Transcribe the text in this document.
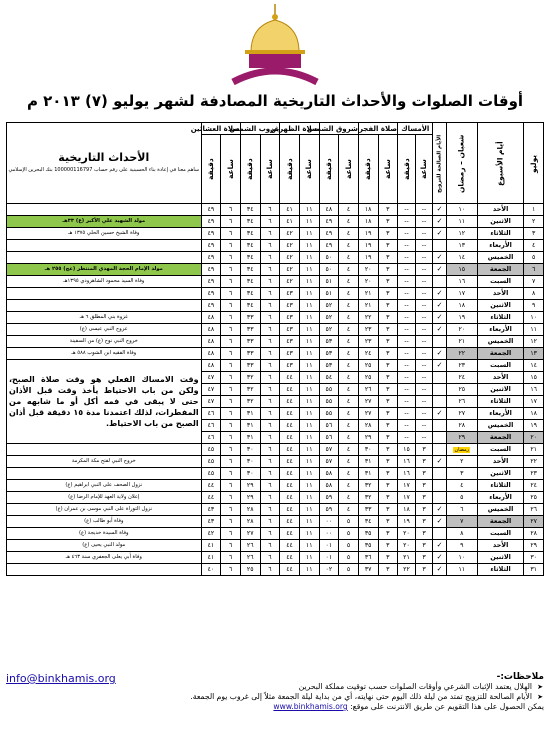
أوقات الصلوات والأحداث التاريخية المصادفة لشهر يوليو (٧) ٢٠١٣ م
يوليو	أيام الأسبوع	شعبان – رمضان	الأيام الصالحة للتزويج	الأمساك		صلاة الفجر		شروق الشمس		صلاة الظهرين		غروب الشمس		صلاة العشائين		الأحداث التاريخية
ساهم معنا في إعادة بناء الحسينية على رقم حساب 100000116797 بنك البحرين الإسلامي

				ساعة	دقيقة	ساعة	دقيقة	ساعة	دقيقة	ساعة	دقيقة	ساعة	دقيقة	ساعة	دقيقة	
١	الأحد	١٠	✓	--	--	٣	١٨	٤	٤٨	١١	٤١	٦	٣٤	٦	٤٩	
٢	الاثنين	١١	✓	--	--	٣	١٨	٤	٤٩	١١	٤١	٦	٣٤	٦	٤٩	مولد الشهيد علي الأكبر (ع) ٣٣هـ
٣	الثلاثاء	١٢	✓	--	--	٣	١٩	٤	٤٩	١١	٤٢	٦	٣٤	٦	٤٩	وفاة الشيخ حسين الحلي ١٣٧٥ هـ
٤	الأربعاء	١٣		--	--	٣	١٩	٤	٤٩	١١	٤٢	٦	٣٤	٦	٤٩	
٥	الخميس	١٤	✓	--	--	٣	١٩	٤	٥٠	١١	٤٢	٦	٣٤	٦	٤٩	
٦	الجمعة	١٥	✓	--	--	٣	٢٠	٤	٥٠	١١	٤٢	٦	٣٤	٦	٤٩	مولد الإمام الحجة المهدي المنتظر (عج) ٢٥٥ هـ
٧	السبت	١٦		--	--	٣	٢٠	٤	٥١	١١	٤٢	٦	٣٤	٦	٤٩	وفاة السيد محمود الشاهرودي ١٣٩٥هـ
٨	الأحد	١٧	✓	--	--	٣	٢١	٤	٥١	١١	٤٣	٦	٣٤	٦	٤٩	
٩	الاثنين	١٨	✓	--	--	٣	٢١	٤	٥٢	١١	٤٣	٦	٣٤	٦	٤٩	
١٠	الثلاثاء	١٩	✓	--	--	٣	٢٢	٤	٥٢	١١	٤٣	٦	٣٣	٦	٤٨	غزوة بني المطلق ٦ هـ
١١	الأربعاء	٢٠	✓	--	--	٣	٢٣	٤	٥٢	١١	٤٣	٦	٣٣	٦	٤٨	عروج النبي عيسى (ع)
١٢	الخميس	٢١		--	--	٣	٢٣	٤	٥٣	١١	٤٣	٦	٣٣	٦	٤٨	خروج النبي نوح (ع) من السفينة
١٣	الجمعة	٢٢	✓	--	--	٣	٢٤	٤	٥٣	١١	٤٣	٦	٣٣	٦	٤٨	وفاة الفقيه ابن الشوب ٥٨٨ هـ
١٤	السبت	٢٣	✓	--	--	٣	٢٥	٤	٥٣	١١	٤٣	٦	٣٣	٦	٤٨	وقت الامساك الفعلي هو وقت صلاة الصبح، ولكن من باب الاحتياط يأخذ وقت قبل الأذان حتى لا يبقى في فمه أكل أو ما شابهه من المفطرات، لذلك اعتمدنا مدة ١٥ دقيقة قبل أذان الصبح من باب الاحتياط.
١٥	الأحد	٢٤		--	--	٣	٢٥	٤	٥٤	١١	٤٤	٦	٣٢	٦	٤٧	
١٦	الاثنين	٢٥		--	--	٣	٢٦	٤	٥٥	١١	٤٤	٦	٣٢	٦	٤٧	
١٧	الثلاثاء	٢٦		--	--	٣	٢٧	٤	٥٥	١١	٤٤	٦	٣٢	٦	٤٧	
١٨	الأربعاء	٢٧	✓	--	--	٣	٢٧	٤	٥٥	١١	٤٤	٦	٣١	٦	٤٦	
١٩	الخميس	٢٨		--	--	٣	٢٨	٤	٥٦	١١	٤٤	٦	٣١	٦	٤٦	
٢٠	الجمعة	٢٩		--	--	٣	٢٩	٤	٥٦	١١	٤٤	٦	٣١	٦	٤٦	
٢١	السبت	رمضان		٣	١٥	٣	٣٠	٤	٥٧	١١	٤٤	٦	٣٠	٦	٤٥	
٢٢	الأحد	٢	✓	٣	١٦	٣	٣١	٤	٥٧	١١	٤٤	٦	٣٠	٦	٤٥	خروج النبي لفتح مكة المكرمة
٢٣	الاثنين	٣		٣	١٦	٣	٣١	٤	٥٨	١١	٤٤	٦	٣٠	٦	٤٥	
٢٤	الثلاثاء	٤		٣	١٧	٣	٣٢	٤	٥٨	١١	٤٤	٦	٢٩	٦	٤٤	نزول الصحف على النبي ابراهيم (ع)
٢٥	الأربعاء	٥		٣	١٧	٣	٣٢	٤	٥٩	١١	٤٤	٦	٢٩	٦	٤٤	إعلان ولاية العهد للإمام الرضا (ع)
٢٦	الخميس	٦	✓	٣	١٨	٣	٣٣	٤	٥٩	١١	٤٤	٦	٢٨	٦	٤٣	نزول التوراة على النبي موسى بن عمران (ع)
٢٧	الجمعة	٧	✓	٣	١٩	٣	٣٤	٥	٠٠	١١	٤٤	٦	٢٨	٦	٤٣	وفاة أبو طالب (ع)
٢٨	السبت	٨		٣	٢٠	٣	٣٥	٥	٠٠	١١	٤٤	٦	٢٧	٦	٤٢	وفاة السيدة خديجة (ع)
٢٩	الأحد	٩	✓	٣	٢٠	٣	٣٥	٥	٠١	١١	٤٤	٦	٢٦	٦	٤١	مولد النبي يحيى (ع)
٣٠	الاثنين	١٠	✓	٣	٢١	٣	٣٦	٥	٠١	١١	٤٤	٦	٢٦	٦	٤١	وفاة أبي يعلى الجعفري سنة ٤٦٣ هـ
٣١	الثلاثاء	١١	✓	٣	٢٢	٣	٣٧	٥	٠٢	١١	٤٤	٦	٢٥	٦	٤٠	
ملاحظات:-
➤ الهلال يعتمد الإثبات الشرعي وأوقات الصلوات حسب توقيت مملكة البحرين
➤ الأيام الصالحة للتزويج تمتد من ليلة ذلك اليوم حتى نهايته، أي من بداية ليلة الجمعة مثلاً إلى غروب يوم الجمعة.
يمكن الحصول على هذا التقويم عن طريق الانترنت على موقع: www.binkhamis.org
info@binkhamis.org
